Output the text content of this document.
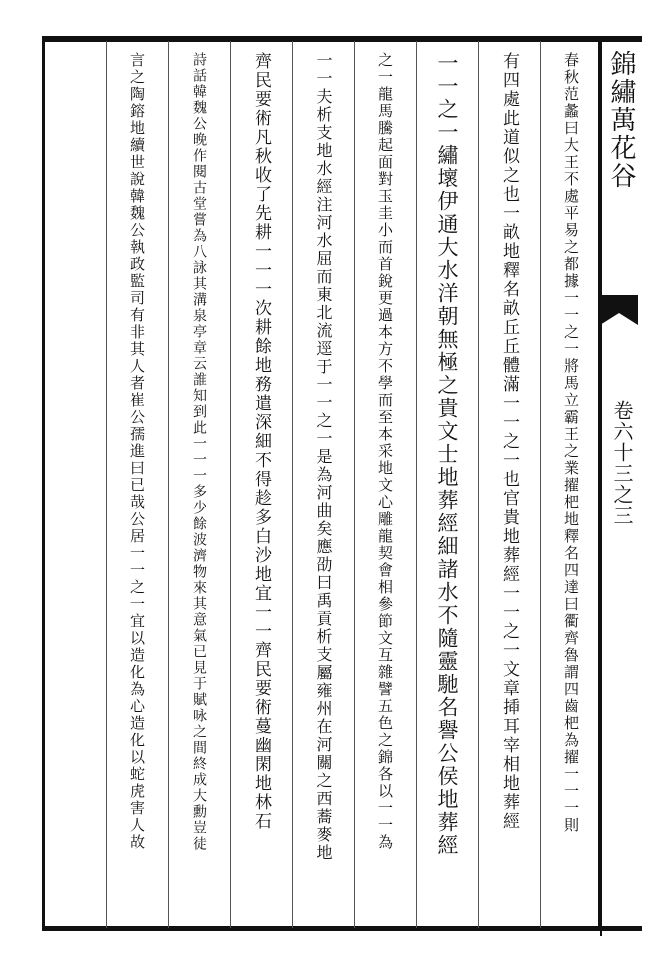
錦繡萬花谷
卷六十三之三
春秋范蠡曰大王不處平易之都據一一之一將馬立霸王之業擢杷地釋名四達曰衢齊魯謂四齒杷為擢一一一則
有四處此道似之也一畝地釋名畝丘丘體滿一一之一也官貴地葬經一一之一文章揷耳宰相地葬經
一一之一繡壞伊通大水洋朝無極之貴文士地葬經細諸水不隨靈馳名譽公侯地葬經
之一龍馬騰起面對玉圭小而首銳更過本方不學而至本采地文心雕龍契會相參節文互雜譬五色之錦各以一一為
一一夫析支地水經注河水屈而東北流逕于一一之一是為河曲矣應劭曰禹貢析支屬雍州在河關之西蕎麥地
齊民要術凡秋收了先耕一一一次耕餘地務遣深細不得趁多白沙地宜一一齊民要術蔓幽閑地林石
詩話韓魏公晚作閱古堂嘗為八詠其溝泉亭章云誰知到此一一一多少餘波濟物來其意氣已見于賦咏之間終成大勳豈徒
言之陶鎔地續世說韓魏公執政監司有非其人者崔公孺進曰已哉公居一一之一宜以造化為心造化以蛇虎害人故
